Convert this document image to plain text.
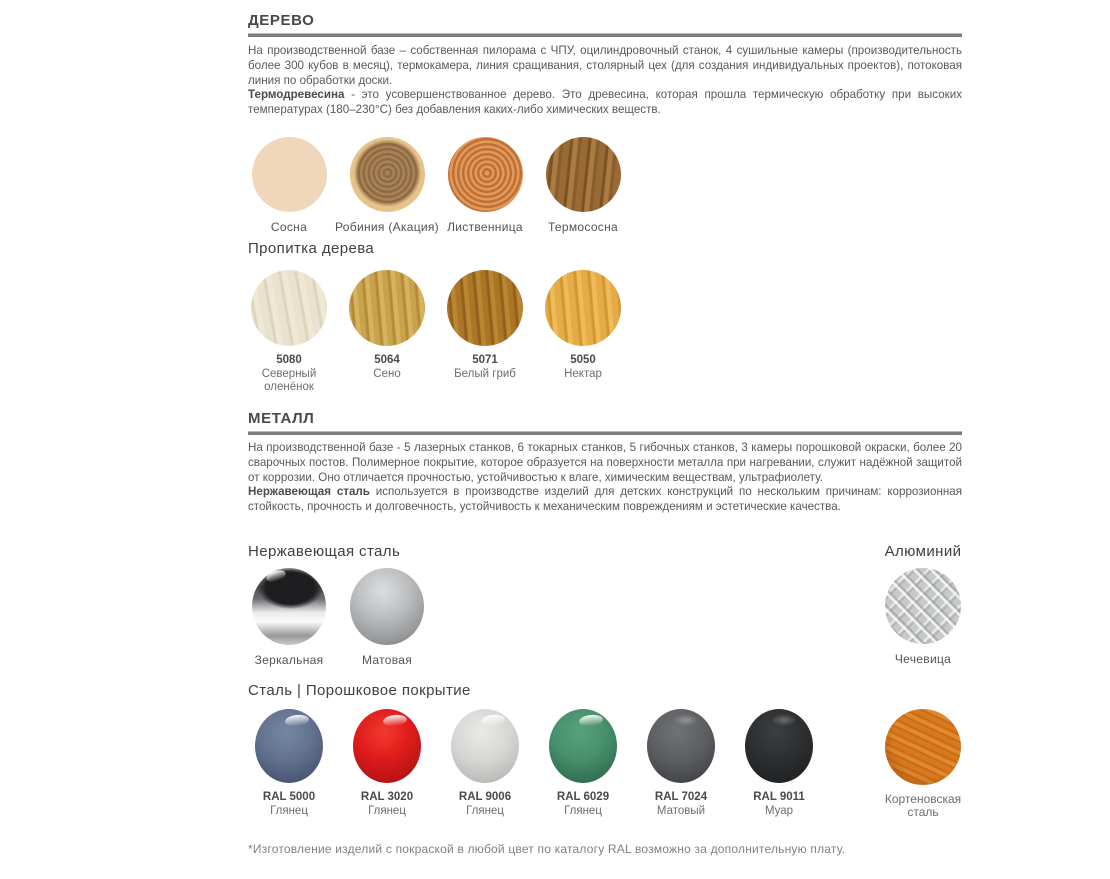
ДЕРЕВО
На производственной базе – собственная пилорама с ЧПУ, оцилиндровочный станок, 4 сушильные камеры (производительность более 300 кубов в месяц), термокамера, линия сращивания, столярный цех (для создания индивидуальных проектов), потоковая линия по обработки доски.
Термодревесина - это усовершенствованное дерево. Это древесина, которая прошла термическую обработку при высоких температурах (180–230°С) без добавления каких-либо химических веществ.
Сосна Робиния (Акация) Лиственница Термососна
Пропитка дерева
5080
Северный оленёнок
5064
Сено
5071
Белый гриб
5050
Нектар
МЕТАЛЛ
На производственной базе - 5 лазерных станков, 6 токарных станков, 5 гибочных станков, 3 камеры порошковой окраски, более 20 сварочных постов. Полимерное покрытие, которое образуется на поверхности металла при нагревании, служит надёжной защитой от коррозии. Оно отличается прочностью, устойчивостью к влаге, химическим веществам, ультрафиолету.
Нержавеющая сталь используется в производстве изделий для детских конструкций по нескольким причинам: коррозионная стойкость, прочность и долговечность, устойчивость к механическим повреждениям и эстетические качества.
Нержавеющая сталь	Алюминий
Зеркальная	Матовая	Чечевица
Сталь | Порошковое покрытие
RAL 5000
Глянец
RAL 3020
Глянец
RAL 9006
Глянец
RAL 6029
Глянец
RAL 7024
Матовый
RAL 9011
Муар
Кортеновская сталь
*Изготовление изделий с покраской в любой цвет по каталогу RAL возможно за дополнительную плату.
